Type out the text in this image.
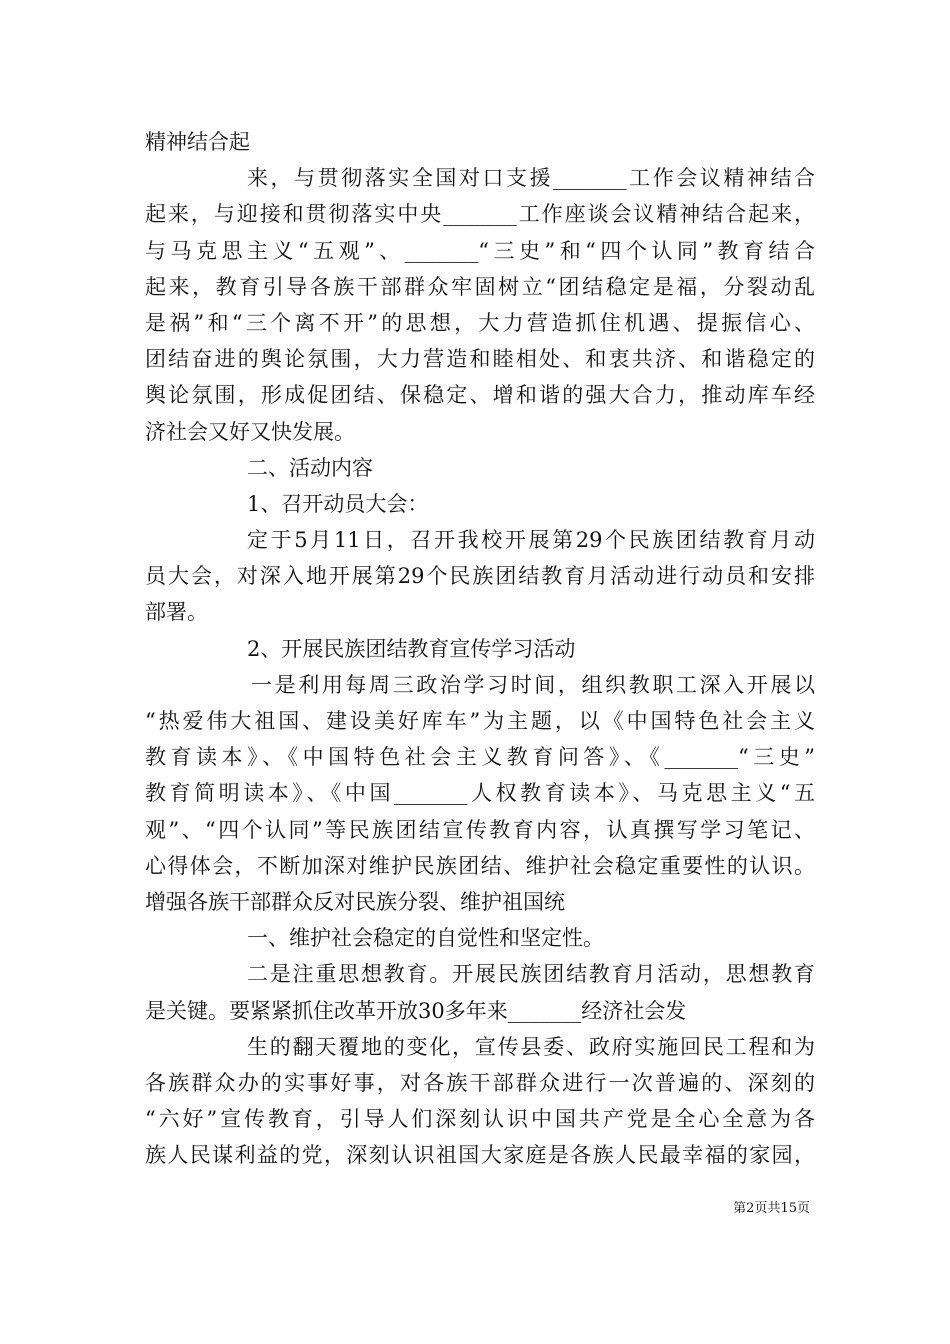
精神结合起
来，与贯彻落实全国对口支援_______工作会议精神结合
起来，与迎接和贯彻落实中央_______工作座谈会议精神结合起来，
与马克思主义“五观”、_______“三史”和“四个认同”教育结合
起来，教育引导各族干部群众牢固树立“团结稳定是福，分裂动乱
是祸”和“三个离不开”的思想，大力营造抓住机遇、提振信心、
团结奋进的舆论氛围，大力营造和睦相处、和衷共济、和谐稳定的
舆论氛围，形成促团结、保稳定、增和谐的强大合力，推动库车经
济社会又好又快发展。
二、活动内容
1、召开动员大会：
定于5月11日，召开我校开展第29个民族团结教育月动
员大会，对深入地开展第29个民族团结教育月活动进行动员和安排
部署。
2、开展民族团结教育宣传学习活动
一是利用每周三政治学习时间，组织教职工深入开展以
“热爱伟大祖国、建设美好库车”为主题，以《中国特色社会主义
教育读本》、《中国特色社会主义教育问答》、《_______“三史”
教育简明读本》、《中国_______人权教育读本》、马克思主义“五
观”、“四个认同”等民族团结宣传教育内容，认真撰写学习笔记、
心得体会，不断加深对维护民族团结、维护社会稳定重要性的认识。
增强各族干部群众反对民族分裂、维护祖国统
一、维护社会稳定的自觉性和坚定性。
二是注重思想教育。开展民族团结教育月活动，思想教育
是关键。要紧紧抓住改革开放30多年来_______经济社会发
生的翻天覆地的变化，宣传县委、政府实施回民工程和为
各族群众办的实事好事，对各族干部群众进行一次普遍的、深刻的
“六好”宣传教育，引导人们深刻认识中国共产党是全心全意为各
族人民谋利益的党，深刻认识祖国大家庭是各族人民最幸福的家园，
第2页共15页
